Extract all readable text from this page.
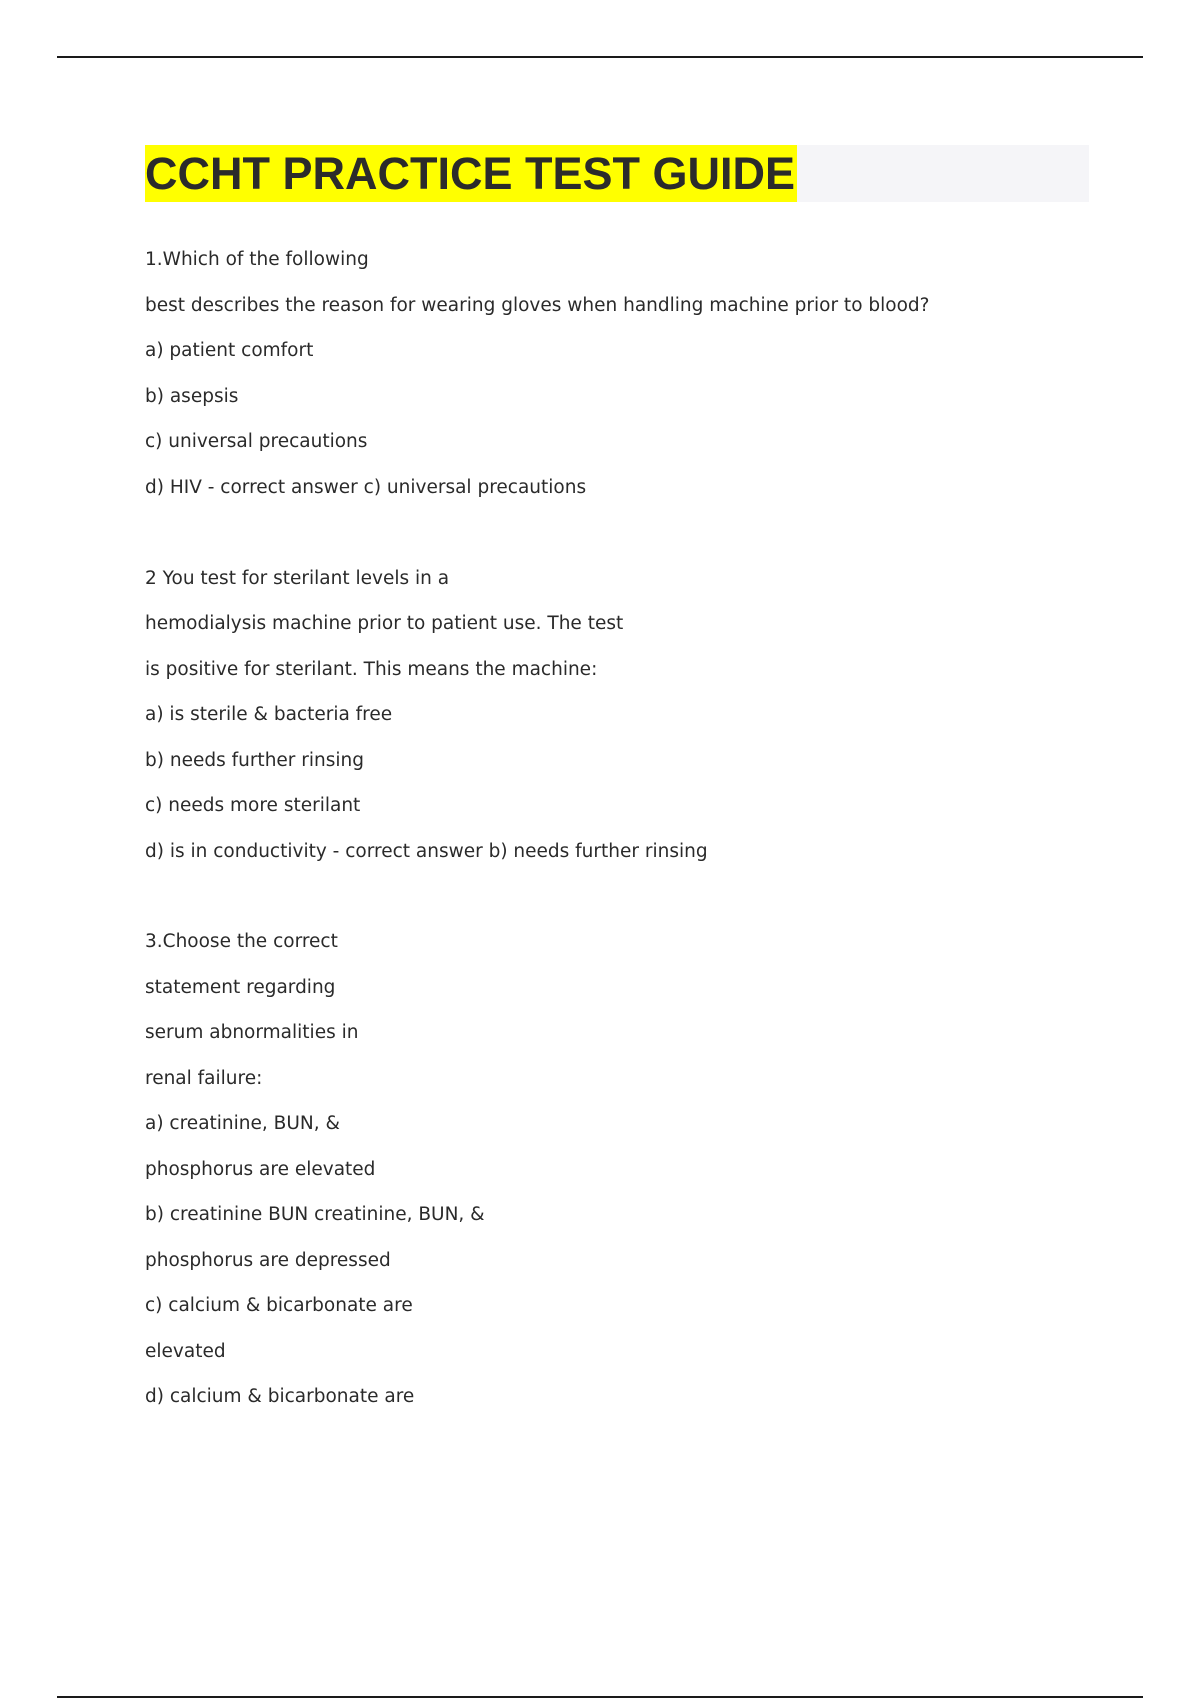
CCHT PRACTICE TEST GUIDE
1.Which of the following
best describes the reason for wearing gloves when handling machine prior to blood?
a) patient comfort
b) asepsis
c) universal precautions
d) HIV - correct answer c) universal precautions
2 You test for sterilant levels in a
hemodialysis machine prior to patient use. The test
is positive for sterilant. This means the machine:
a) is sterile & bacteria free
b) needs further rinsing
c) needs more sterilant
d) is in conductivity - correct answer b) needs further rinsing
3.Choose the correct
statement regarding
serum abnormalities in
renal failure:
a) creatinine, BUN, &
phosphorus are elevated
b) creatinine BUN creatinine, BUN, &
phosphorus are depressed
c) calcium & bicarbonate are
elevated
d) calcium & bicarbonate are
